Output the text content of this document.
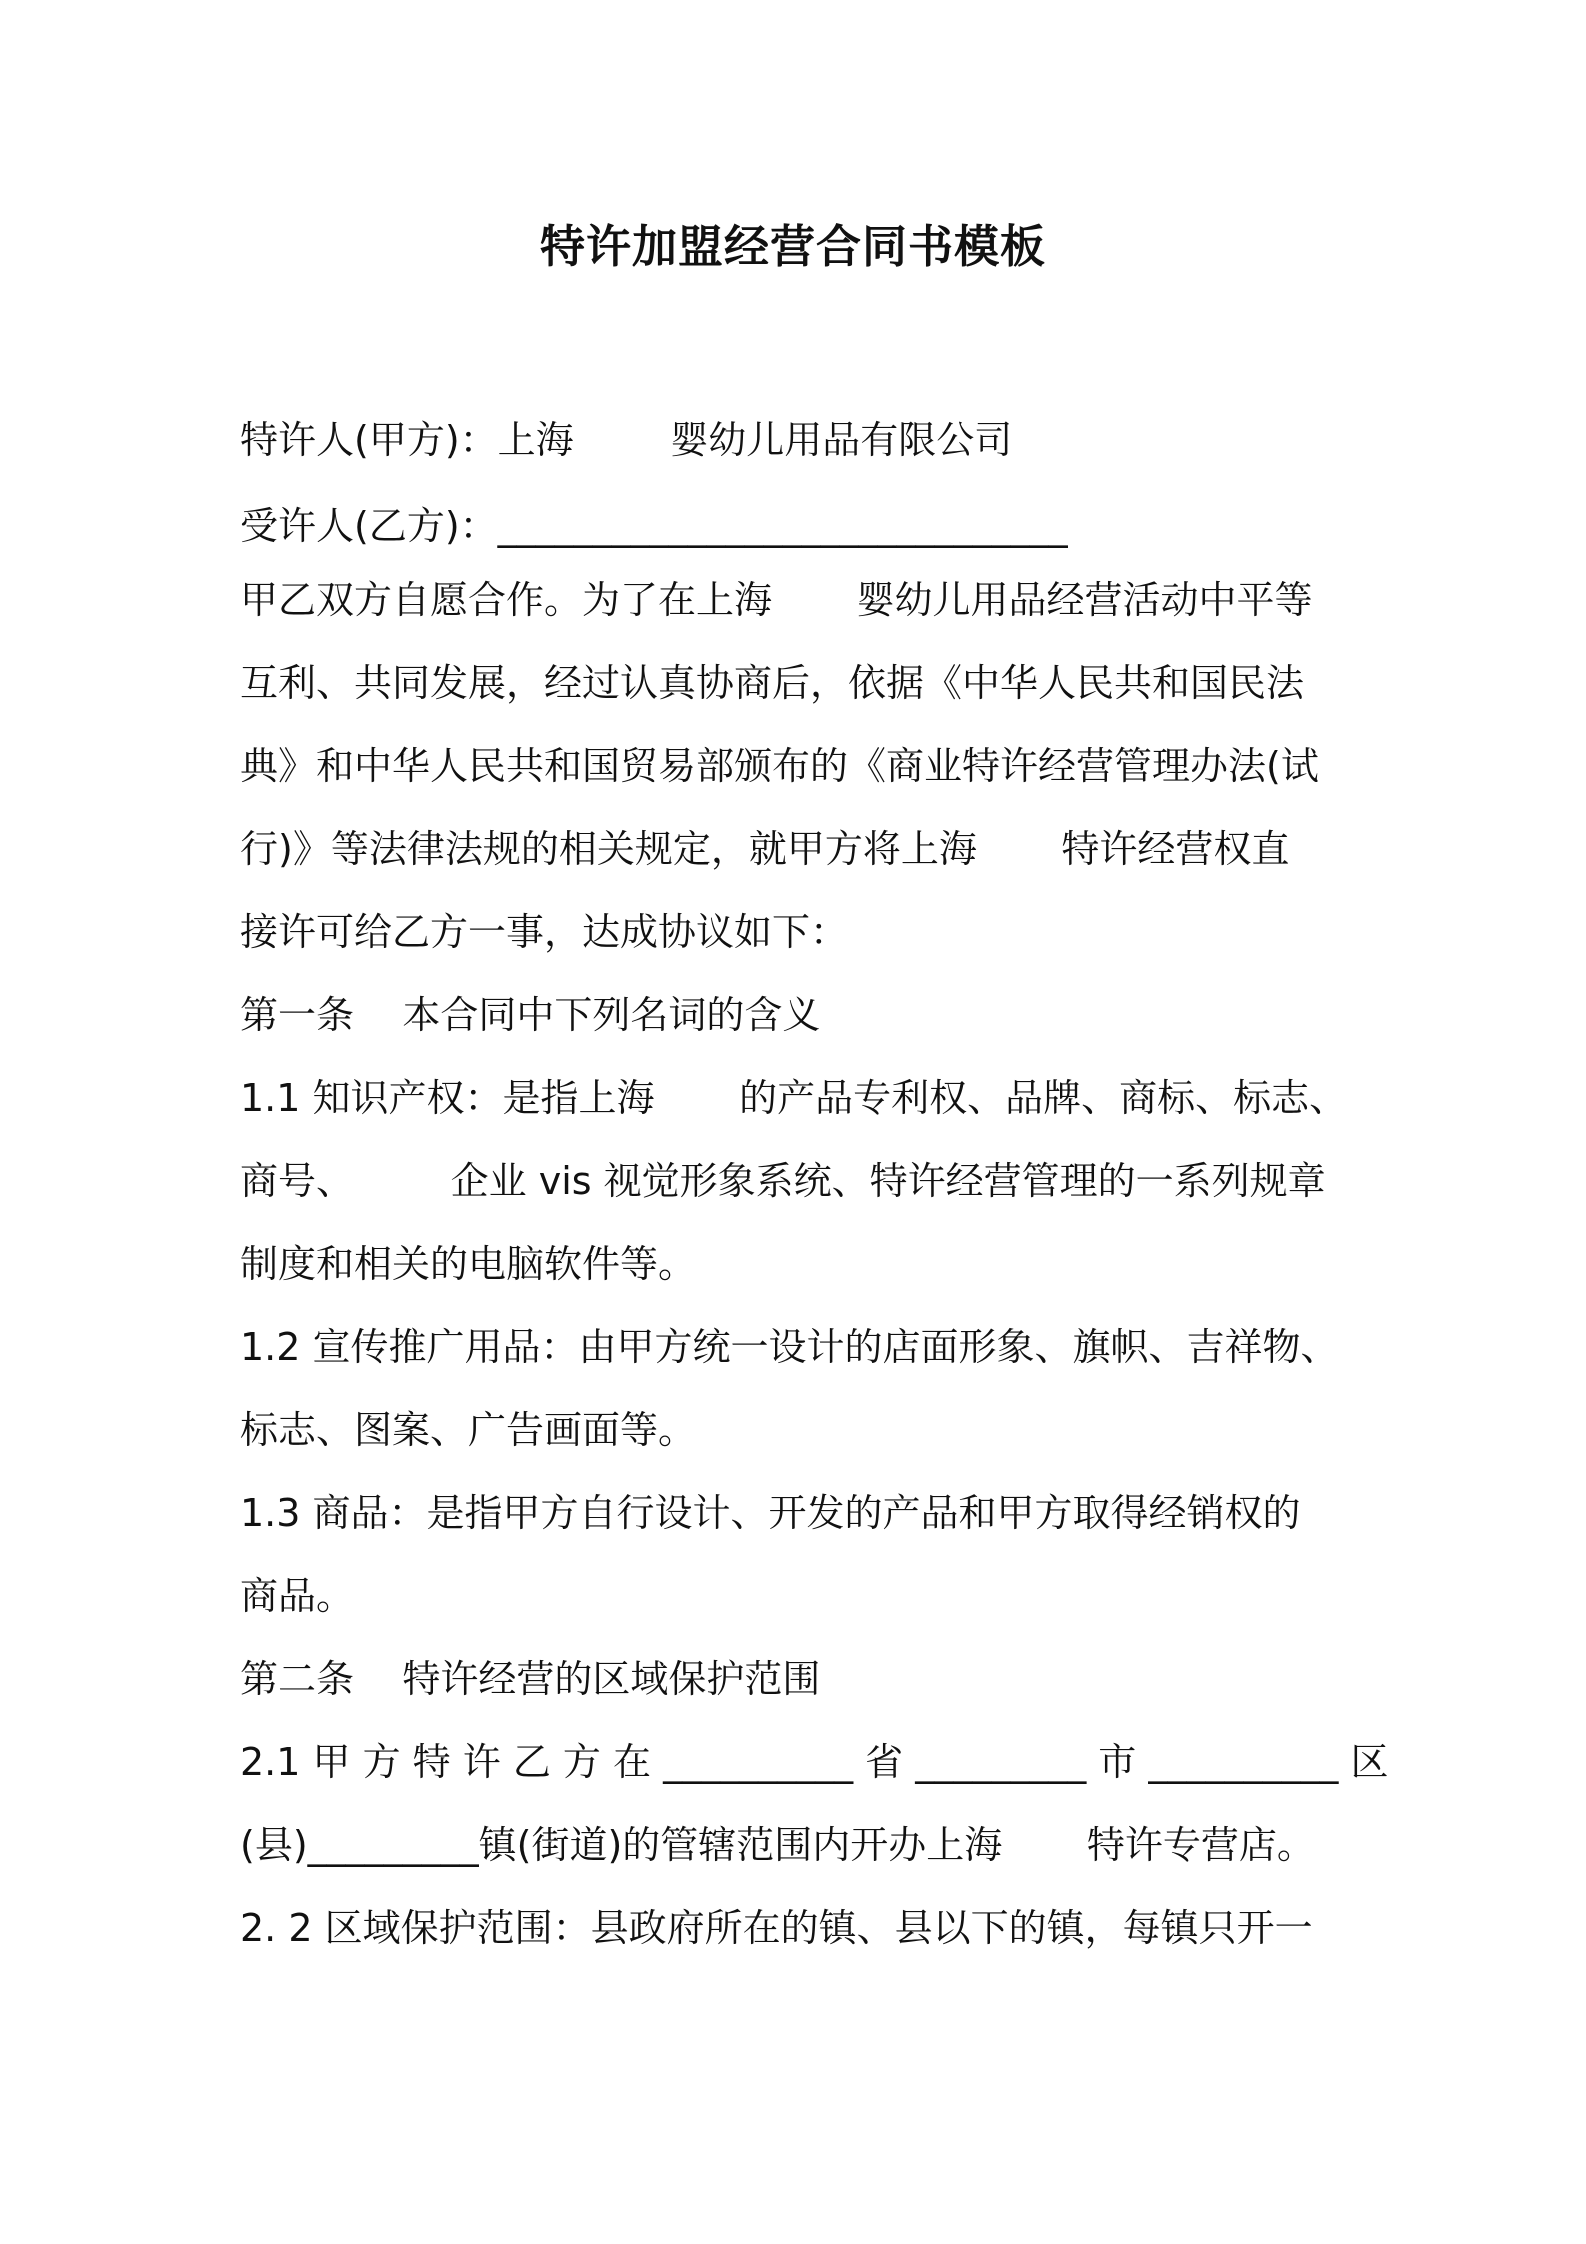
特许加盟经营合同书模板
特许人(甲方)：上海        婴幼儿用品有限公司
受许人(乙方)：______________________________
甲乙双方自愿合作。为了在上海       婴幼儿用品经营活动中平等
互利、共同发展，经过认真协商后，依据《中华人民共和国民法
典》和中华人民共和国贸易部颁布的《商业特许经营管理办法(试
行)》等法律法规的相关规定，就甲方将上海       特许经营权直
接许可给乙方一事，达成协议如下：
第一条    本合同中下列名词的含义
1.1 知识产权：是指上海       的产品专利权、品牌、商标、标志、
商号、        企业 vis 视觉形象系统、特许经营管理的一系列规章
制度和相关的电脑软件等。
1.2 宣传推广用品：由甲方统一设计的店面形象、旗帜、吉祥物、
标志、图案、广告画面等。
1.3 商品：是指甲方自行设计、开发的产品和甲方取得经销权的
商品。
第二条    特许经营的区域保护范围
2.1 甲 方 特 许 乙 方 在 __________ 省 _________ 市 __________ 区
(县)_________镇(街道)的管辖范围内开办上海       特许专营店。
2. 2 区域保护范围：县政府所在的镇、县以下的镇，每镇只开一
